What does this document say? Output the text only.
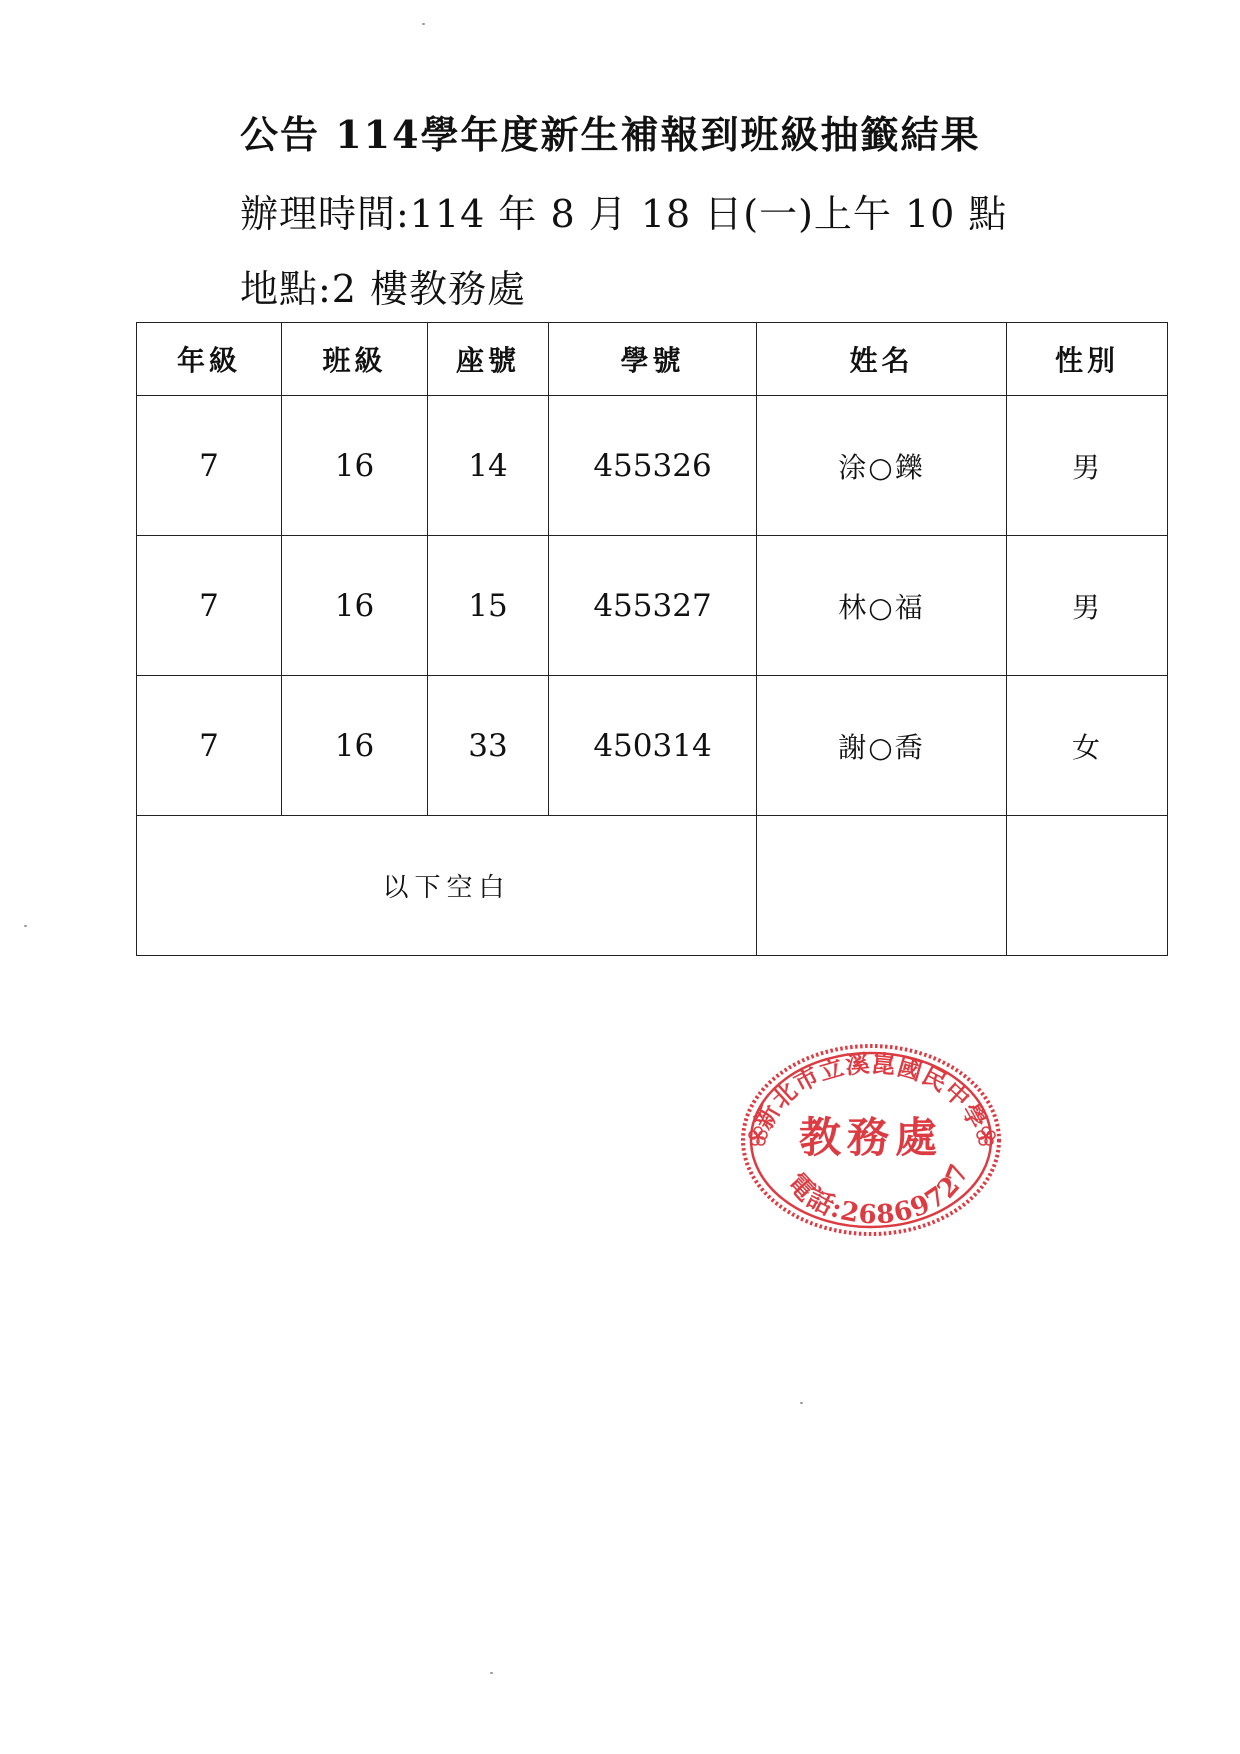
公告 114學年度新生補報到班級抽籤結果
辦理時間:114 年 8 月 18 日(一)上午 10 點
地點:2 樓教務處
年級	班級	座號	學號	姓名	性別
7	16	14	455326	涂○鑠	男
7	16	15	455327	林○福	男
7	16	33	450314	謝○喬	女
以下空白					
新北市立溪崑國民中學
教務處
電話:26869727
